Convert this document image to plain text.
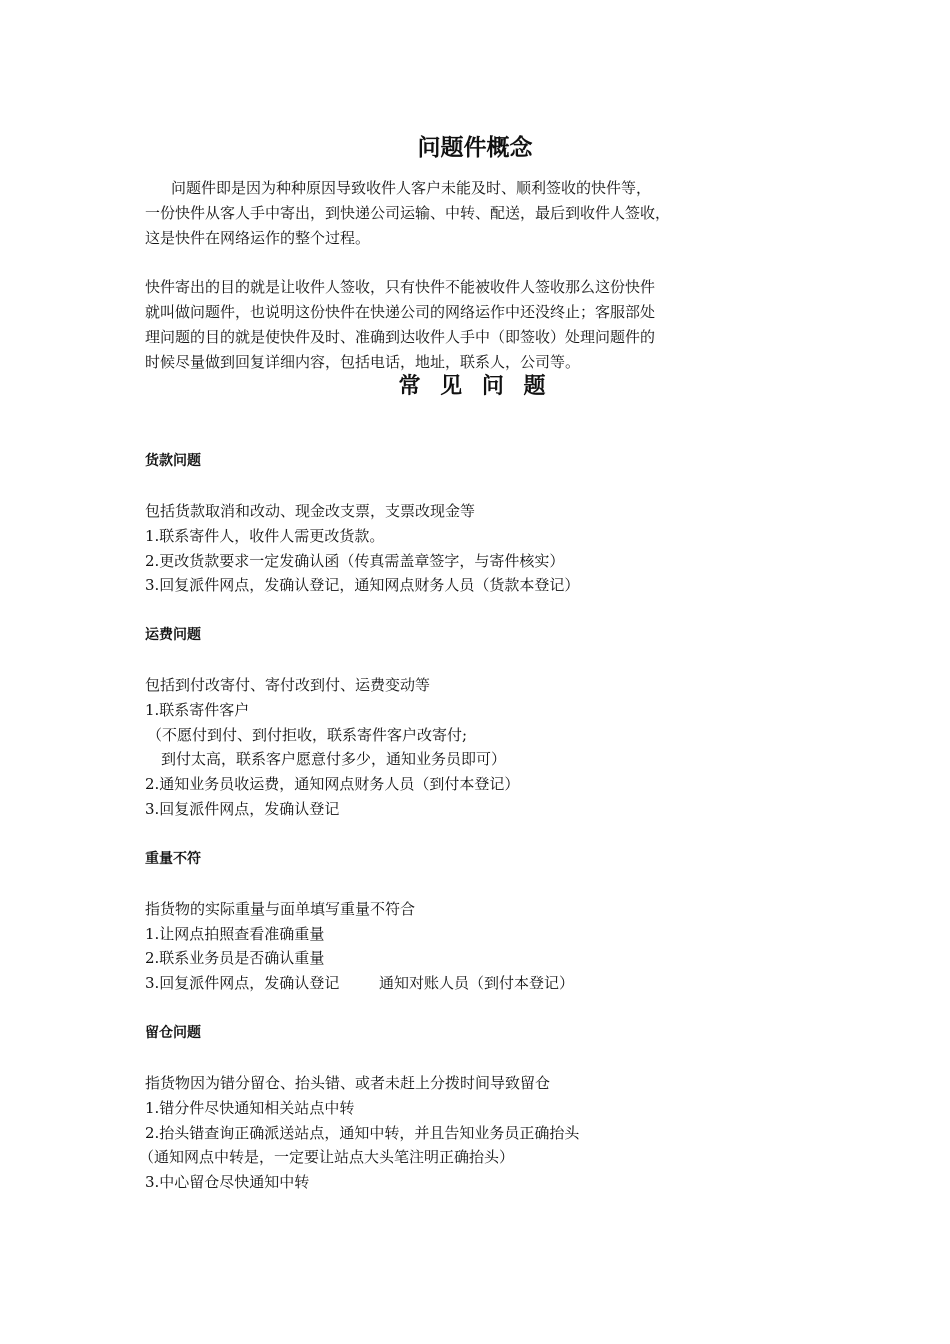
问题件概念
问题件即是因为种种原因导致收件人客户未能及时、顺利签收的快件等，
一份快件从客人手中寄出，到快递公司运输、中转、配送，最后到收件人签收，
这是快件在网络运作的整个过程。
快件寄出的目的就是让收件人签收，只有快件不能被收件人签收那么这份快件
就叫做问题件，也说明这份快件在快递公司的网络运作中还没终止；客服部处
理问题的目的就是使快件及时、准确到达收件人手中（即签收）处理问题件的
时候尽量做到回复详细内容，包括电话，地址，联系人，公司等。
常 见 问 题
货款问题
包括货款取消和改动、现金改支票，支票改现金等
1.联系寄件人，收件人需更改货款。
2.更改货款要求一定发确认函（传真需盖章签字，与寄件核实）
3.回复派件网点，发确认登记，通知网点财务人员（货款本登记）
运费问题
包括到付改寄付、寄付改到付、运费变动等
1.联系寄件客户
（不愿付到付、到付拒收，联系寄件客户改寄付;
到付太高，联系客户愿意付多少，通知业务员即可）
2.通知业务员收运费，通知网点财务人员（到付本登记）
3.回复派件网点，发确认登记
重量不符
指货物的实际重量与面单填写重量不符合
1.让网点拍照查看准确重量
2.联系业务员是否确认重量
3.回复派件网点，发确认登记	通知对账人员（到付本登记）
留仓问题
指货物因为错分留仓、抬头错、或者未赶上分拨时间导致留仓
1.错分件尽快通知相关站点中转
2.抬头错查询正确派送站点，通知中转，并且告知业务员正确抬头
（通知网点中转是，一定要让站点大头笔注明正确抬头）
3.中心留仓尽快通知中转
